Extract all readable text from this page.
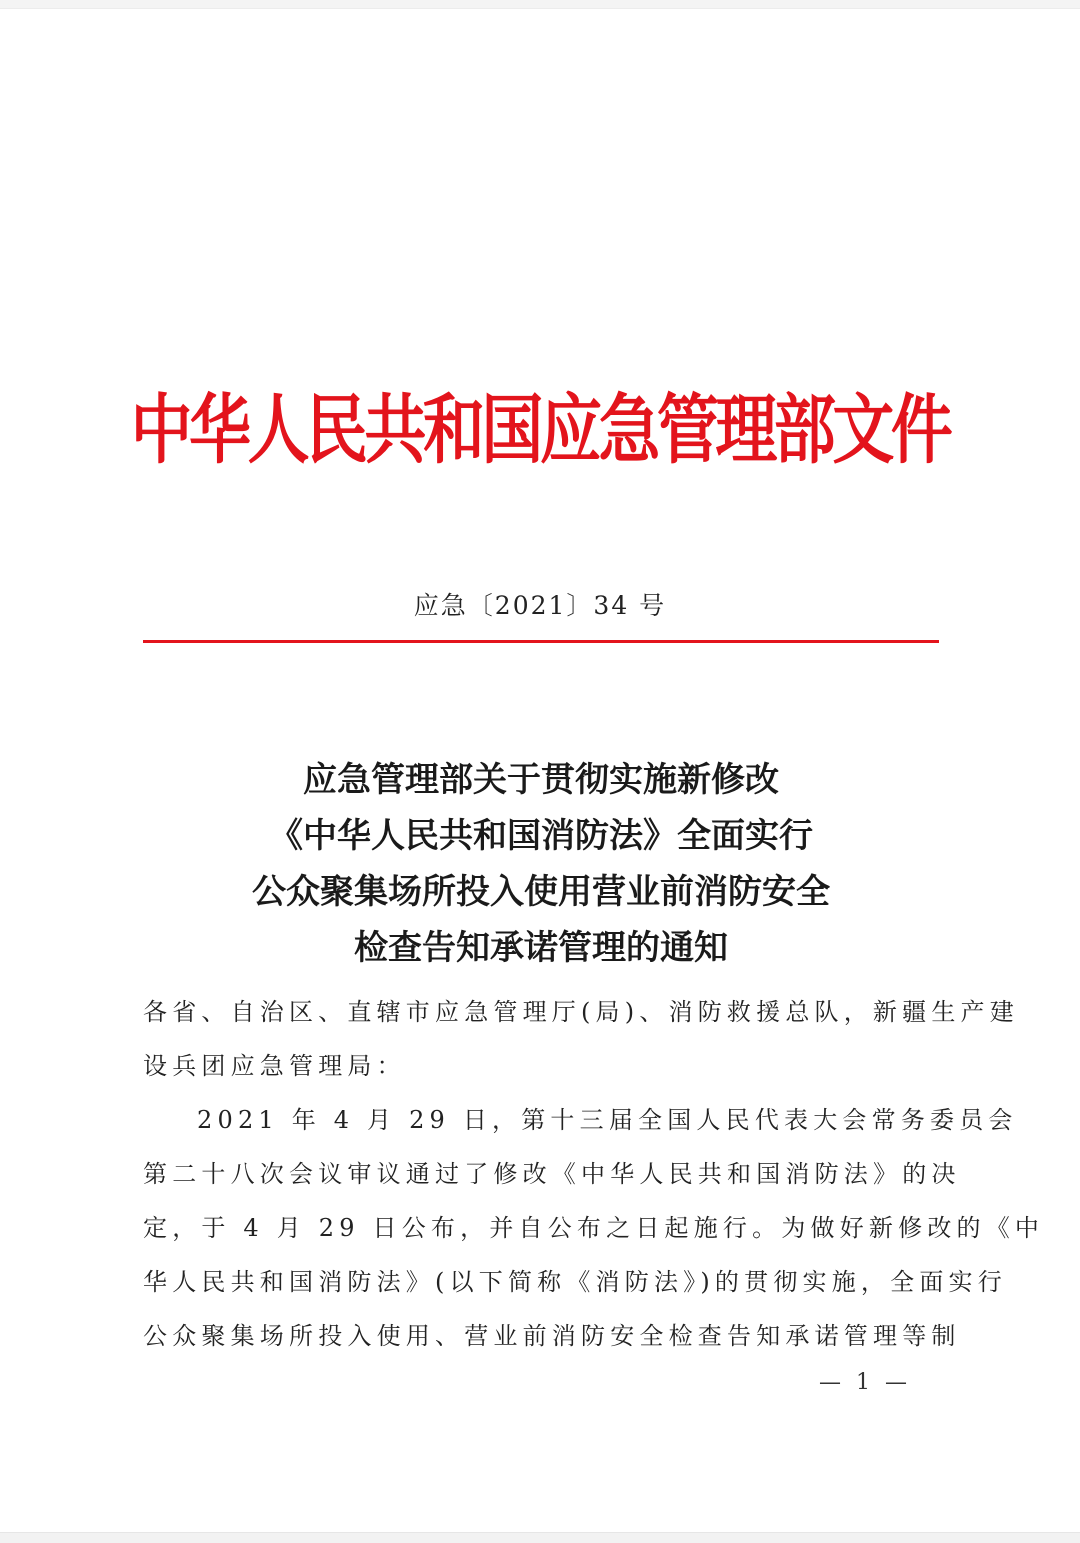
中华人民共和国应急管理部文件
应急〔2021〕34 号
应急管理部关于贯彻实施新修改
《中华人民共和国消防法》全面实行
公众聚集场所投入使用营业前消防安全
检查告知承诺管理的通知
各省、自治区、直辖市应急管理厅(局)、消防救援总队，新疆生产建
设兵团应急管理局：
2021 年 4 月 29 日，第十三届全国人民代表大会常务委员会
第二十八次会议审议通过了修改《中华人民共和国消防法》的决
定，于 4 月 29 日公布，并自公布之日起施行。为做好新修改的《中
华人民共和国消防法》(以下简称《消防法》)的贯彻实施，全面实行
公众聚集场所投入使用、营业前消防安全检查告知承诺管理等制
— 1 —
